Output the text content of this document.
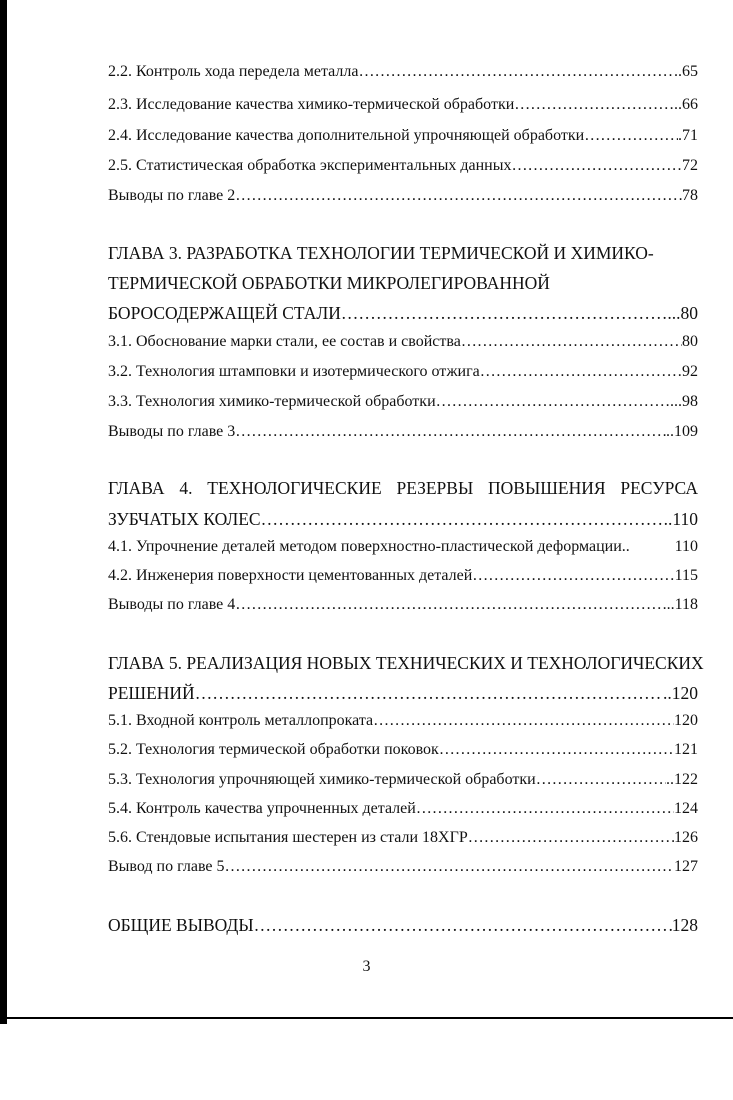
2.2. Контроль хода передела металла ……………………………………………………………………………………………………………………………………………………………………………………	..65
2.3. Исследование качества химико-термической обработки ……………………………………………………………………………………………………………………………………………………………………………………	..66
2.4. Исследование качества дополнительной упрочняющей обработки ……………………………………………………………………………………………………………………………………………………………………………………	.71
2.5. Статистическая обработка экспериментальных данных ……………………………………………………………………………………………………………………………………………………………………………………	72
Выводы по главе 2 ……………………………………………………………………………………………………………………………………………………………………………………	78
ГЛАВА 3. РАЗРАБОТКА ТЕХНОЛОГИИ ТЕРМИЧЕСКОЙ И ХИМИКО-
ТЕРМИЧЕСКОЙ ОБРАБОТКИ МИКРОЛЕГИРОВАННОЙ
БОРОСОДЕРЖАЩЕЙ СТАЛИ ……………………………………………………………………………………………………………………………………………………………………………………	...80
3.1. Обоснование марки стали, ее состав и свойства ……………………………………………………………………………………………………………………………………………………………………………………	80
3.2. Технология штамповки и изотермического отжига ……………………………………………………………………………………………………………………………………………………………………………………	92
3.3. Технология химико-термической обработки ……………………………………………………………………………………………………………………………………………………………………………………	...98
Выводы по главе 3 ……………………………………………………………………………………………………………………………………………………………………………………	..109
ГЛАВА 4. ТЕХНОЛОГИЧЕСКИЕ РЕЗЕРВЫ ПОВЫШЕНИЯ РЕСУРСА
ЗУБЧАТЫХ КОЛЕС ……………………………………………………………………………………………………………………………………………………………………………………	..110
4.1. Упрочнение деталей методом поверхностно-пластической деформации..	110
4.2. Инженерия поверхности цементованных деталей ……………………………………………………………………………………………………………………………………………………………………………………	115
Выводы по главе 4 ……………………………………………………………………………………………………………………………………………………………………………………	...118
ГЛАВА 5. РЕАЛИЗАЦИЯ НОВЫХ ТЕХНИЧЕСКИХ И ТЕХНОЛОГИЧЕСКИХ
РЕШЕНИЙ ……………………………………………………………………………………………………………………………………………………………………………………	..120
5.1. Входной контроль металлопроката ……………………………………………………………………………………………………………………………………………………………………………………	120
5.2. Технология термической обработки поковок ……………………………………………………………………………………………………………………………………………………………………………………	121
5.3. Технология упрочняющей химико-термической обработки ……………………………………………………………………………………………………………………………………………………………………………………	..122
5.4. Контроль качества упрочненных деталей ……………………………………………………………………………………………………………………………………………………………………………………	124
5.6. Стендовые испытания шестерен из стали 18ХГР ……………………………………………………………………………………………………………………………………………………………………………………	126
Вывод по главе 5 ……………………………………………………………………………………………………………………………………………………………………………………	127
ОБЩИЕ ВЫВОДЫ ……………………………………………………………………………………………………………………………………………………………………………………	128
3
